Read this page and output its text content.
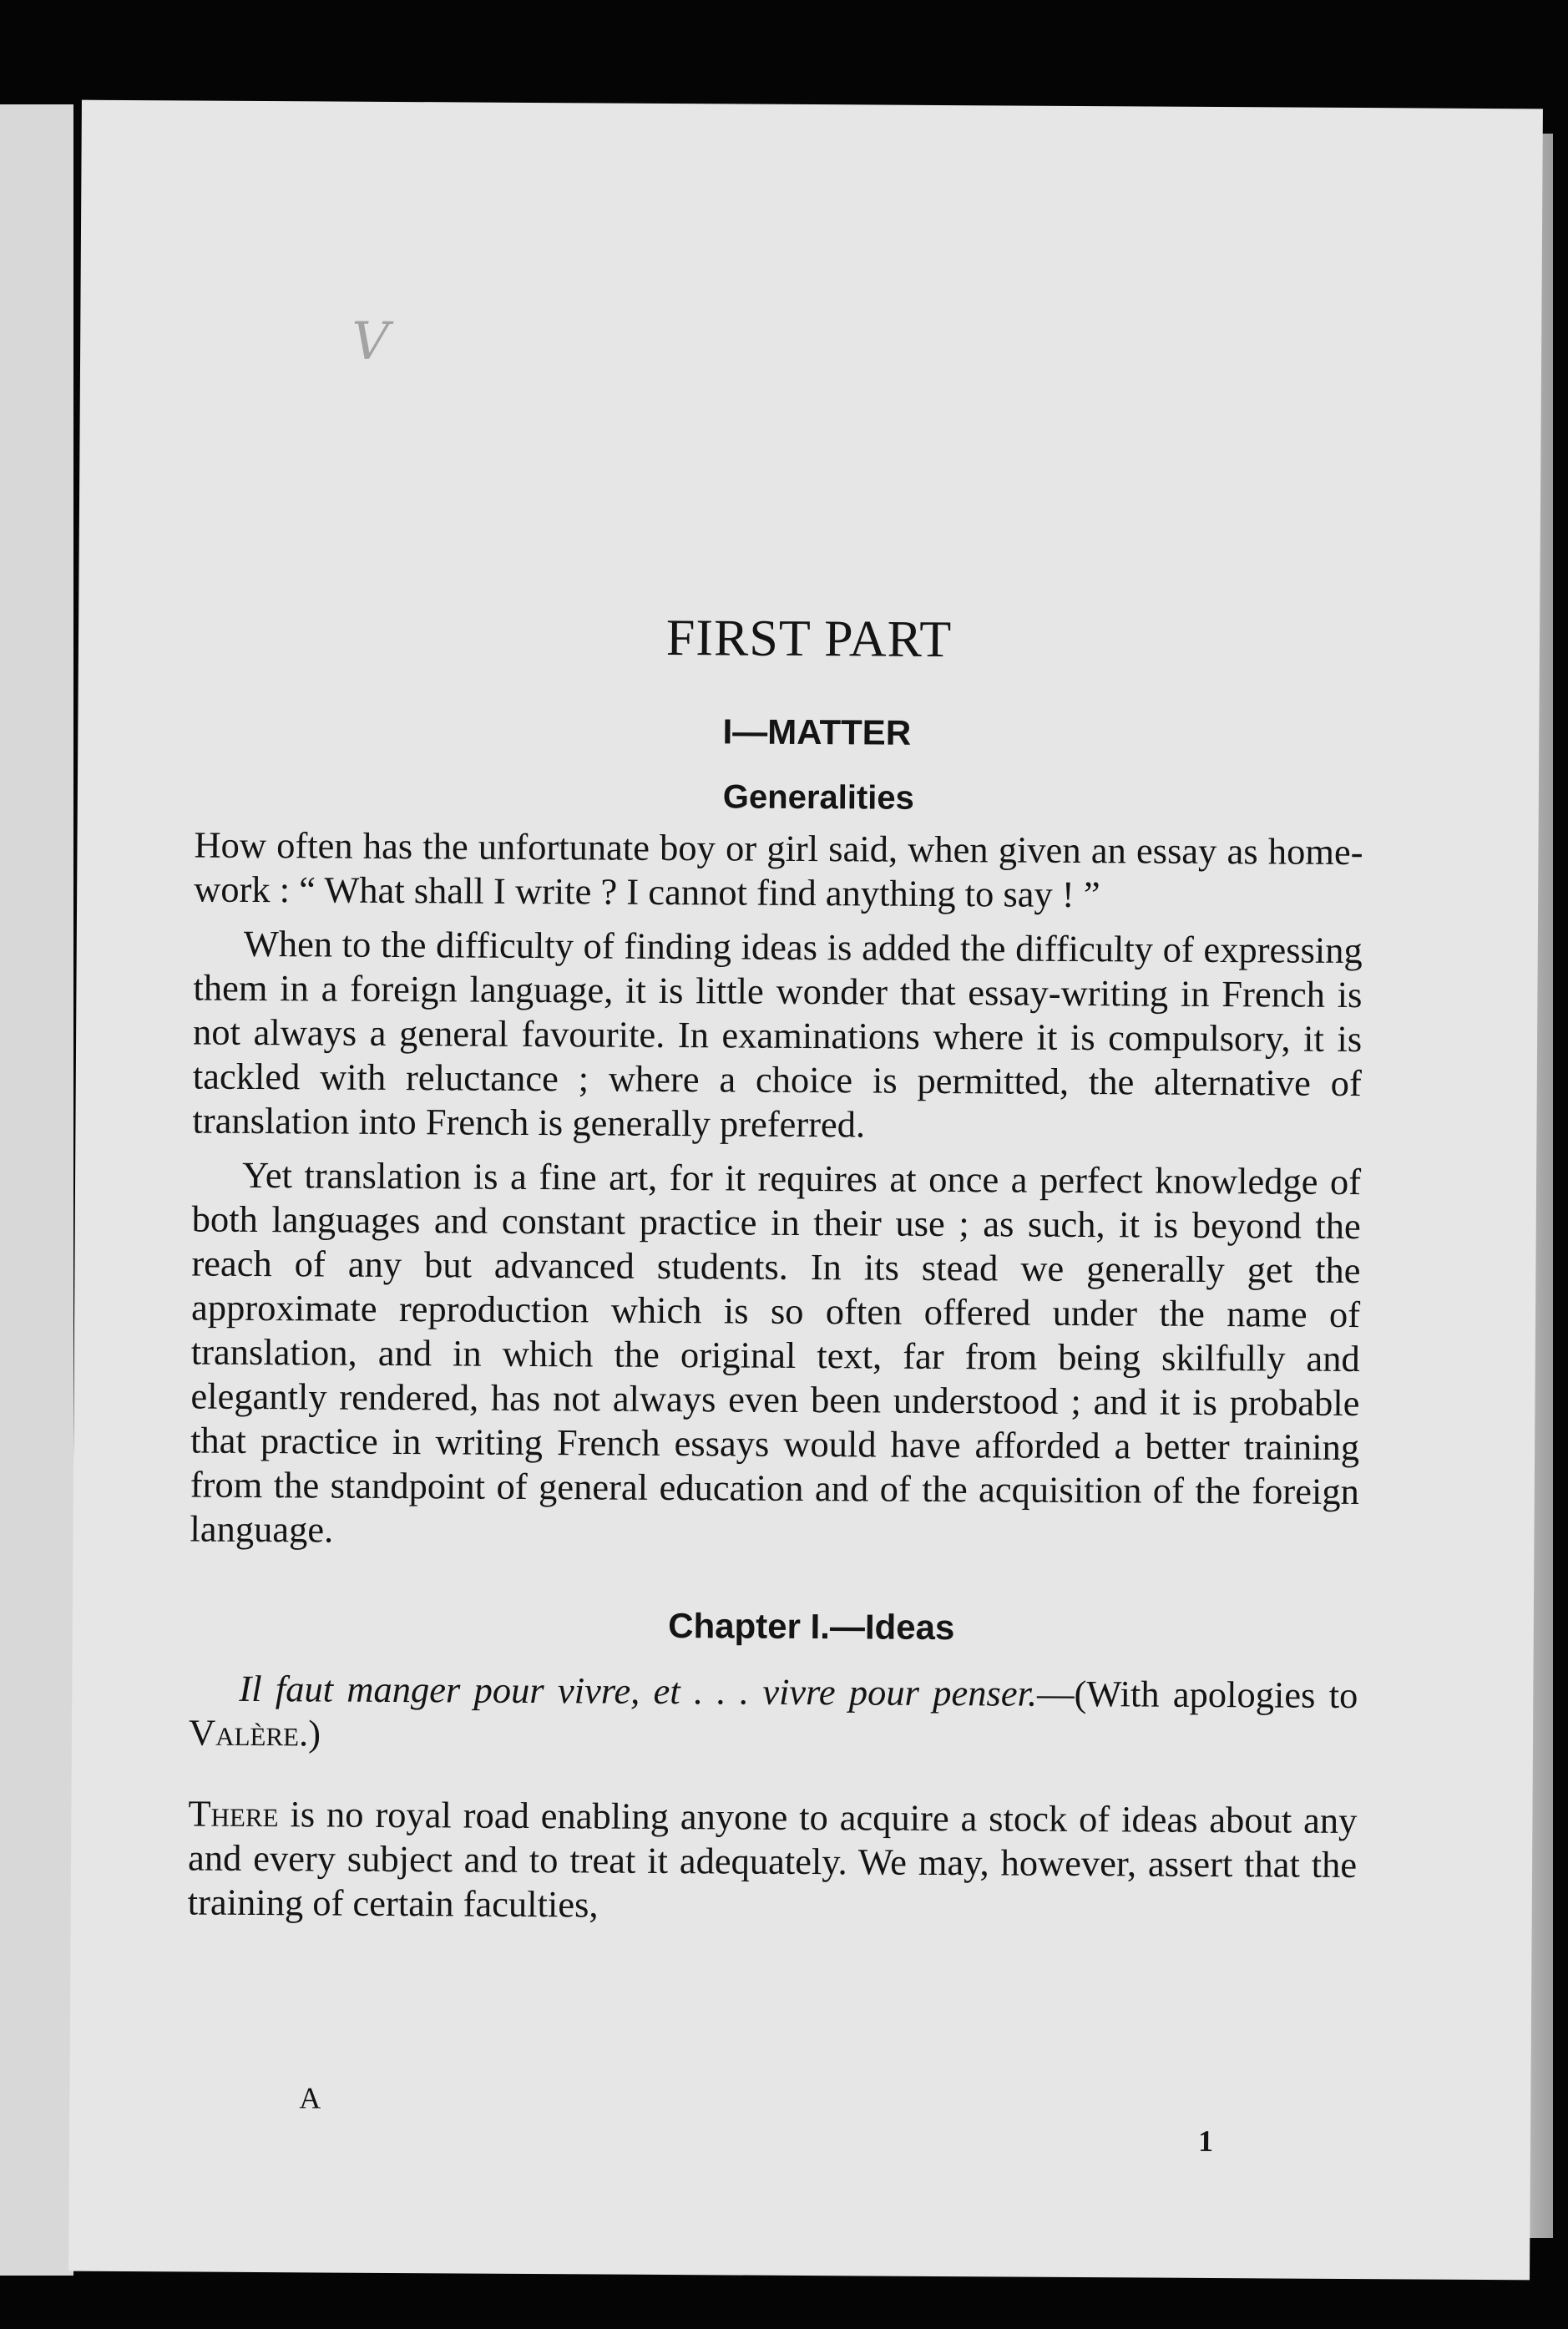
V
FIRST PART
I—MATTER
Generalities

How often has the unfortunate boy or girl said, when given an essay as home-work : “ What shall I write ? I cannot find anything to say ! ”

When to the difficulty of finding ideas is added the difficulty of expressing them in a foreign language, it is little wonder that essay-writing in French is not always a general favourite. In examinations where it is compulsory, it is tackled with reluctance ; where a choice is permitted, the alternative of translation into French is generally preferred.

Yet translation is a fine art, for it requires at once a perfect knowledge of both languages and constant practice in their use ; as such, it is beyond the reach of any but advanced students. In its stead we generally get the approximate reproduction which is so often offered under the name of translation, and in which the original text, far from being skilfully and elegantly rendered, has not always even been understood ; and it is probable that practice in writing French essays would have afforded a better training from the standpoint of general education and of the acquisition of the foreign language.

Chapter I.—Ideas

Il faut manger pour vivre, et . . . vivre pour penser.—(With apologies to Valère.)

There is no royal road enabling anyone to acquire a stock of ideas about any and every subject and to treat it adequately. We may, however, assert that the training of certain faculties,

A
1
